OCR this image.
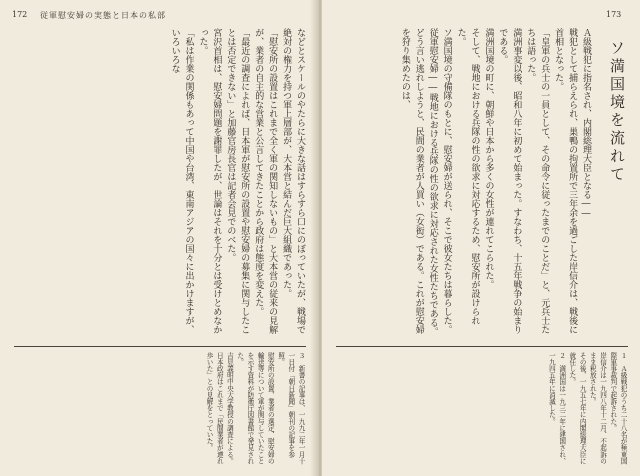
172 従軍慰安婦の実態と日本の私部

などとスケールのやたらに大きな話はすらすら口にのぼっていたが、戦場で絶対の権力を持つ軍上層部が、大本営と結んだ巨大組織であった。

「慰安所の設置はこれまで全く軍の関知しないもの」と大本営の従来の見解が、業者の自主的な営業と公言してきたことから政府は態度を変えた。

「最近の調査によれば、日本軍が慰安所の設置や慰安婦の募集に関与したことは否定できない」と加藤官房長官は記者会見でのべた。

宮沢首相は、慰安婦問題を謝罪したが、世論はそれを十分とは受けとめなかった。

「私は作業の関係もあって中国や台湾、東南アジアの国々に出かけますが、いろいろな

３　新書の記事は、一九九二年一月十一日付「朝日新聞」朝刊の記事を参照。

慰安所の設置、業者の選定、慰安婦の輸送等について軍が関与していたことを示す資料が防衛庁図書館で発見された。

吉見義明中央大学教授の調査による。

日本政府はこれまで「民間業者が連れ歩いた」との見解をとっていた。

173
ソ満国境を流れて

Ａ級戦犯に指名され、内閣総理大臣となる――

戦犯として捕らえられ、巣鴨の拘置所で三年余を過ごした岸信介は、戦後に首相となった。

「皇軍の兵士の一員として、その命令に従ったまでのことだ」と、元兵士たちは語った。

満洲事変以後、昭和八年に初めて始まった。すなわち、十五年戦争の始まりである。

満洲国境の町に、朝鮮や日本から多くの女性が連れてこられた。

そして、戦地における兵隊の性の欲求に対応するため、慰安所が設けられた。

ソ満国境の守備隊のもとに、慰安婦が送られ、そこで彼女たちは暮らした。

従軍慰安婦――戦地における兵隊の性の欲求に対応された女性たちである。

どう言い逃れしようと、民間の業者が人買い（女衒）である。これが慰安婦を狩り集めたのは、

１　Ａ級戦犯のうち二十八名が極東国際軍事裁判で起訴された。

岸信介は一九四八年十二月、不起訴のまま釈放された。

その後、一九五七年に内閣総理大臣に就任した。

２　満洲国は一九三二年に建国され、一九四五年に消滅した。
